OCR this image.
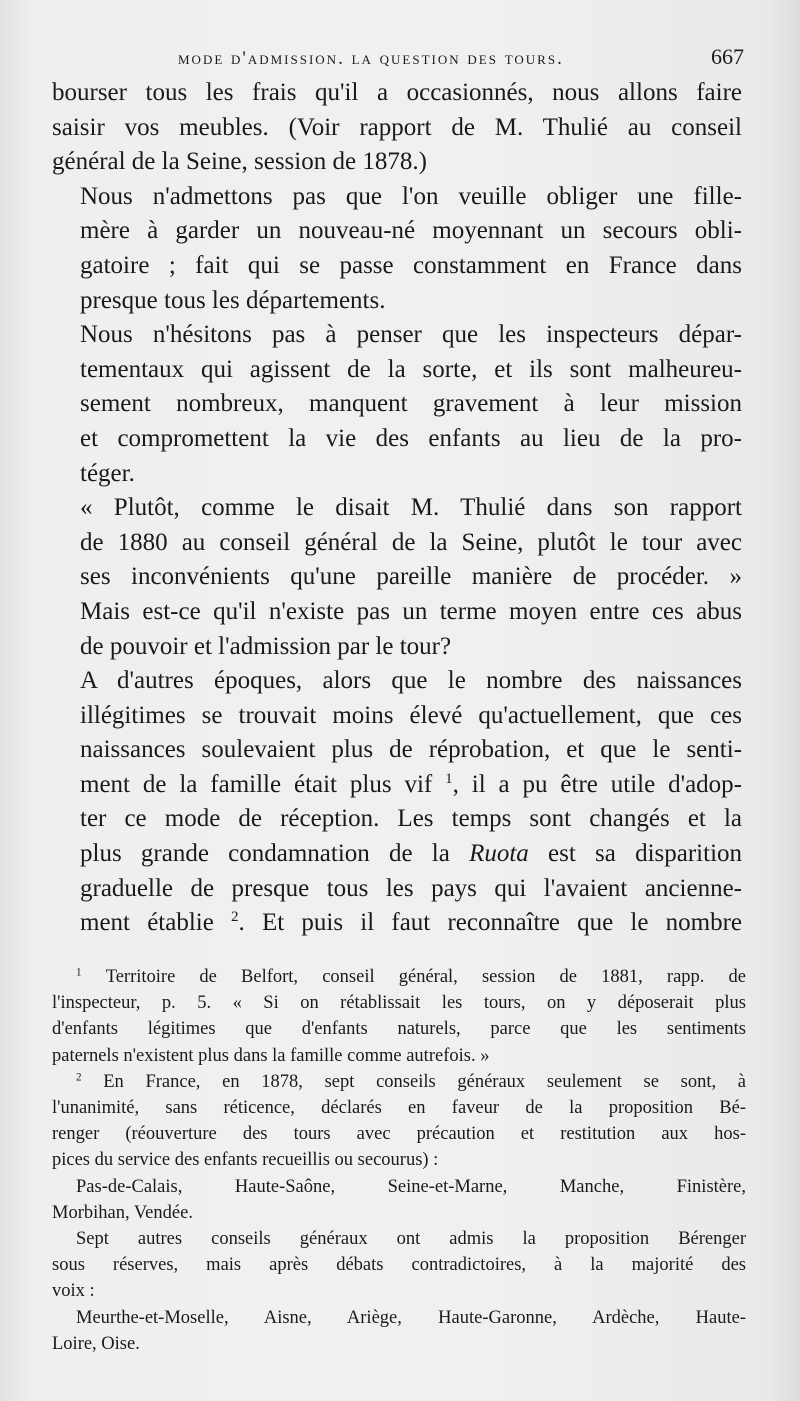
mode d'admission. la question des tours.	667

bourser tous les frais qu'il a occasionnés, nous allons faire
saisir vos meubles. (Voir rapport de M. Thulié au conseil
général de la Seine, session de 1878.)

Nous n'admettons pas que l'on veuille obliger une fille-
mère à garder un nouveau-né moyennant un secours obli-
gatoire ; fait qui se passe constamment en France dans
presque tous les départements.

Nous n'hésitons pas à penser que les inspecteurs dépar-
tementaux qui agissent de la sorte, et ils sont malheureu-
sement nombreux, manquent gravement à leur mission
et compromettent la vie des enfants au lieu de la pro-
téger.

« Plutôt, comme le disait M. Thulié dans son rapport
de 1880 au conseil général de la Seine, plutôt le tour avec
ses inconvénients qu'une pareille manière de procéder. »
Mais est-ce qu'il n'existe pas un terme moyen entre ces abus
de pouvoir et l'admission par le tour?

A d'autres époques, alors que le nombre des naissances
illégitimes se trouvait moins élevé qu'actuellement, que ces
naissances soulevaient plus de réprobation, et que le senti-
ment de la famille était plus vif $^1$, il a pu être utile d'adop-
ter ce mode de réception. Les temps sont changés et la
plus grande condamnation de la Ruota est sa disparition
graduelle de presque tous les pays qui l'avaient ancienne-
ment établie $^2$. Et puis il faut reconnaître que le nombre

$^1$ Territoire de Belfort, conseil général, session de 1881, rapp. de
l'inspecteur, p. 5. « Si on rétablissait les tours, on y déposerait plus
d'enfants légitimes que d'enfants naturels, parce que les sentiments
paternels n'existent plus dans la famille comme autrefois. »

$^2$ En France, en 1878, sept conseils généraux seulement se sont, à
l'unanimité, sans réticence, déclarés en faveur de la proposition Bé-
renger (réouverture des tours avec précaution et restitution aux hos-
pices du service des enfants recueillis ou secourus) :
Pas-de-Calais, Haute-Saône, Seine-et-Marne, Manche, Finistère,
Morbihan, Vendée.
Sept autres conseils généraux ont admis la proposition Bérenger
sous réserves, mais après débats contradictoires, à la majorité des
voix :
Meurthe-et-Moselle, Aisne, Ariège, Haute-Garonne, Ardèche, Haute-
Loire, Oise.
